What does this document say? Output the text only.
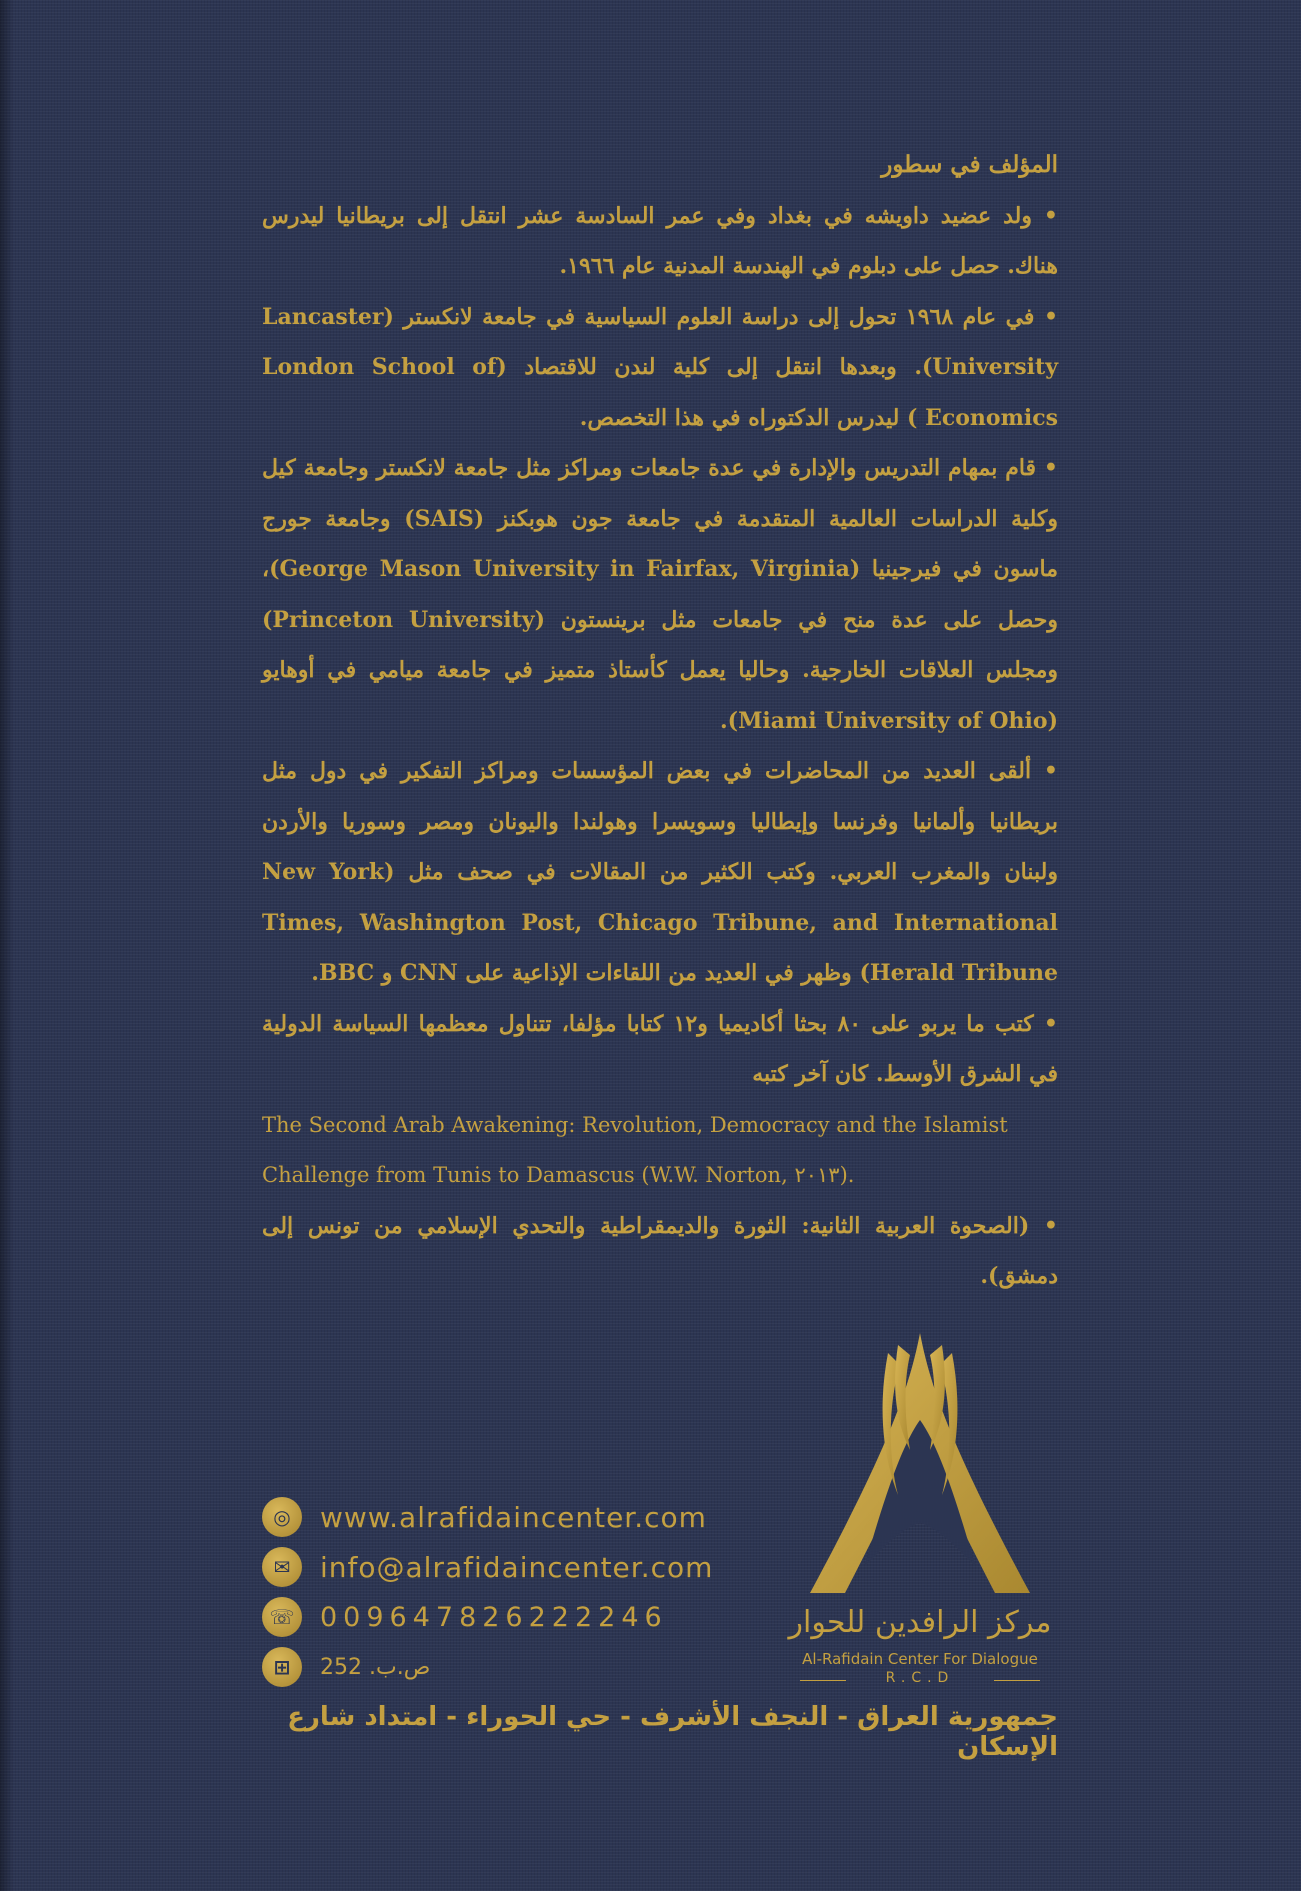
المؤلف في سطور

• ولد عضيد داويشه في بغداد وفي عمر السادسة عشر انتقل إلى بريطانيا ليدرس هناك. حصل على دبلوم في الهندسة المدنية عام ١٩٦٦.

• في عام ١٩٦٨ تحول إلى دراسة العلوم السياسية في جامعة لانكستر (Lancaster University). وبعدها انتقل إلى كلية لندن للاقتصاد (London School of Economics ) ليدرس الدكتوراه في هذا التخصص.

• قام بمهام التدريس والإدارة في عدة جامعات ومراكز مثل جامعة لانكستر وجامعة كيل وكلية الدراسات العالمية المتقدمة في جامعة جون هوبكنز (SAIS) وجامعة جورج ماسون في فيرجينيا (George Mason University in Fairfax, Virginia)، وحصل على عدة منح في جامعات مثل برينستون (Princeton University) ومجلس العلاقات الخارجية. وحاليا يعمل كأستاذ متميز في جامعة ميامي في أوهايو (Miami University of Ohio).

• ألقى العديد من المحاضرات في بعض المؤسسات ومراكز التفكير في دول مثل بريطانيا وألمانيا وفرنسا وإيطاليا وسويسرا وهولندا واليونان ومصر وسوريا والأردن ولبنان والمغرب العربي. وكتب الكثير من المقالات في صحف مثل (New York Times, Washington Post, Chicago Tribune, and International Herald Tribune) وظهر في العديد من اللقاءات الإذاعية على CNN و BBC.

• كتب ما يربو على ٨٠ بحثا أكاديميا و١٢ كتابا مؤلفا، تتناول معظمها السياسة الدولية في الشرق الأوسط. كان آخر كتبه

The Second Arab Awakening: Revolution, Democracy and the Islamist Challenge from Tunis to Damascus (W.W. Norton, ٢٠١٣).

• (الصحوة العربية الثانية: الثورة والديمقراطية والتحدي الإسلامي من تونس إلى دمشق).

◎	www.alrafidaincenter.com
✉	info@alrafidaincenter.com
☏ 009647826222246
⊞	ص.ب. 252
مركز الرافدين للحوار
Al-Rafidain Center For Dialogue
R.C.D
جمهورية العراق - النجف الأشرف - حي الحوراء - امتداد شارع الإسكان
